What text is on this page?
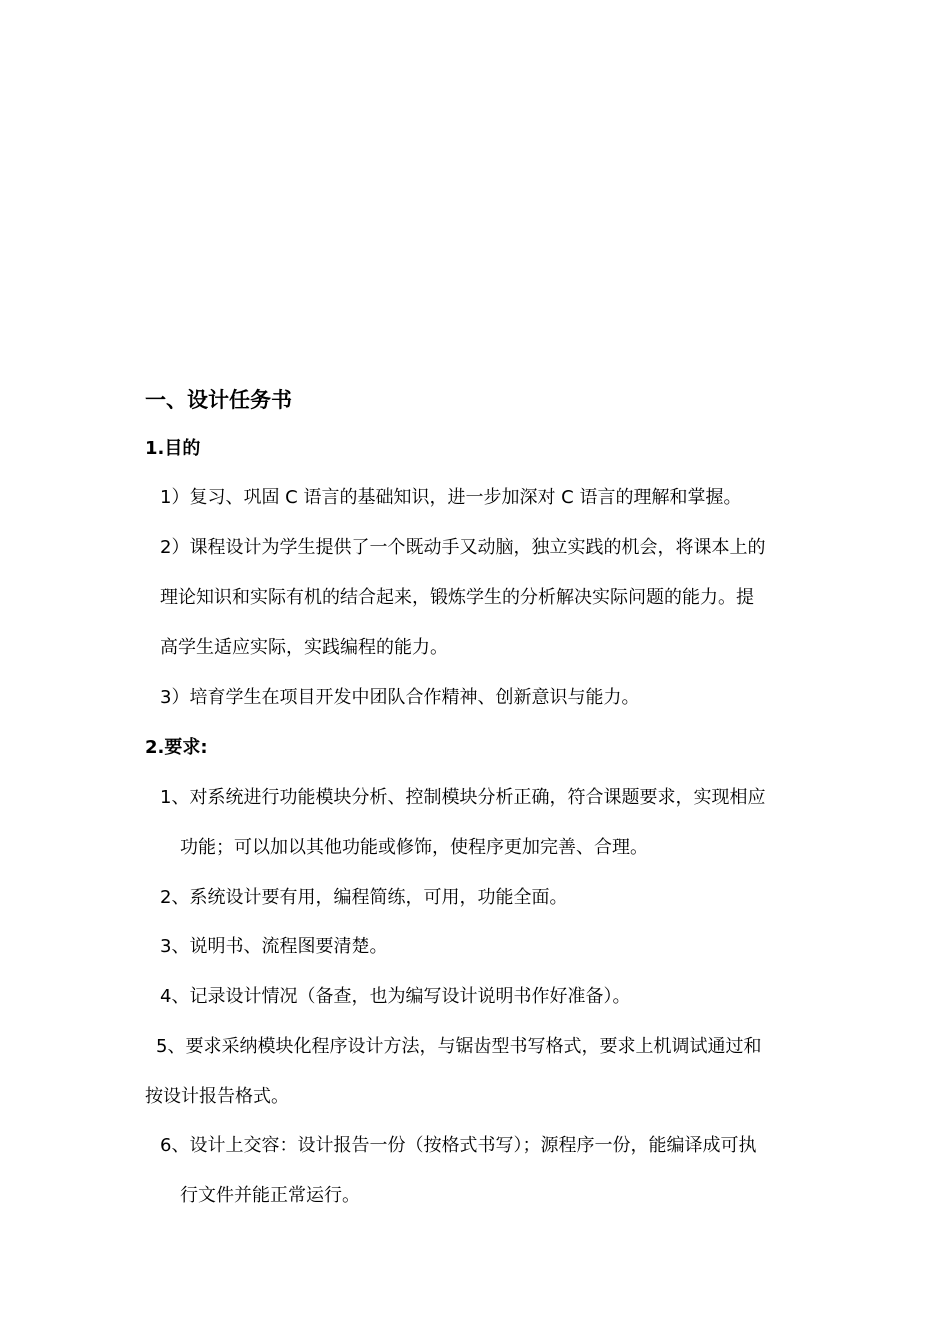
一、设计任务书
1.目的

1）复习、巩固 C 语言的基础知识，进一步加深对 C 语言的理解和掌握。

2）课程设计为学生提供了一个既动手又动脑，独立实践的机会，将课本上的

理论知识和实际有机的结合起来，锻炼学生的分析解决实际问题的能力。提

高学生适应实际，实践编程的能力。

3）培育学生在项目开发中团队合作精神、创新意识与能力。

2.要求:

1、对系统进行功能模块分析、控制模块分析正确，符合课题要求，实现相应

功能；可以加以其他功能或修饰，使程序更加完善、合理。

2、系统设计要有用，编程简练，可用，功能全面。

3、说明书、流程图要清楚。

4、记录设计情况（备查，也为编写设计说明书作好准备）。

5、要求采纳模块化程序设计方法，与锯齿型书写格式，要求上机调试通过和

按设计报告格式。

6、设计上交容：设计报告一份（按格式书写）；源程序一份，能编译成可执

行文件并能正常运行。
